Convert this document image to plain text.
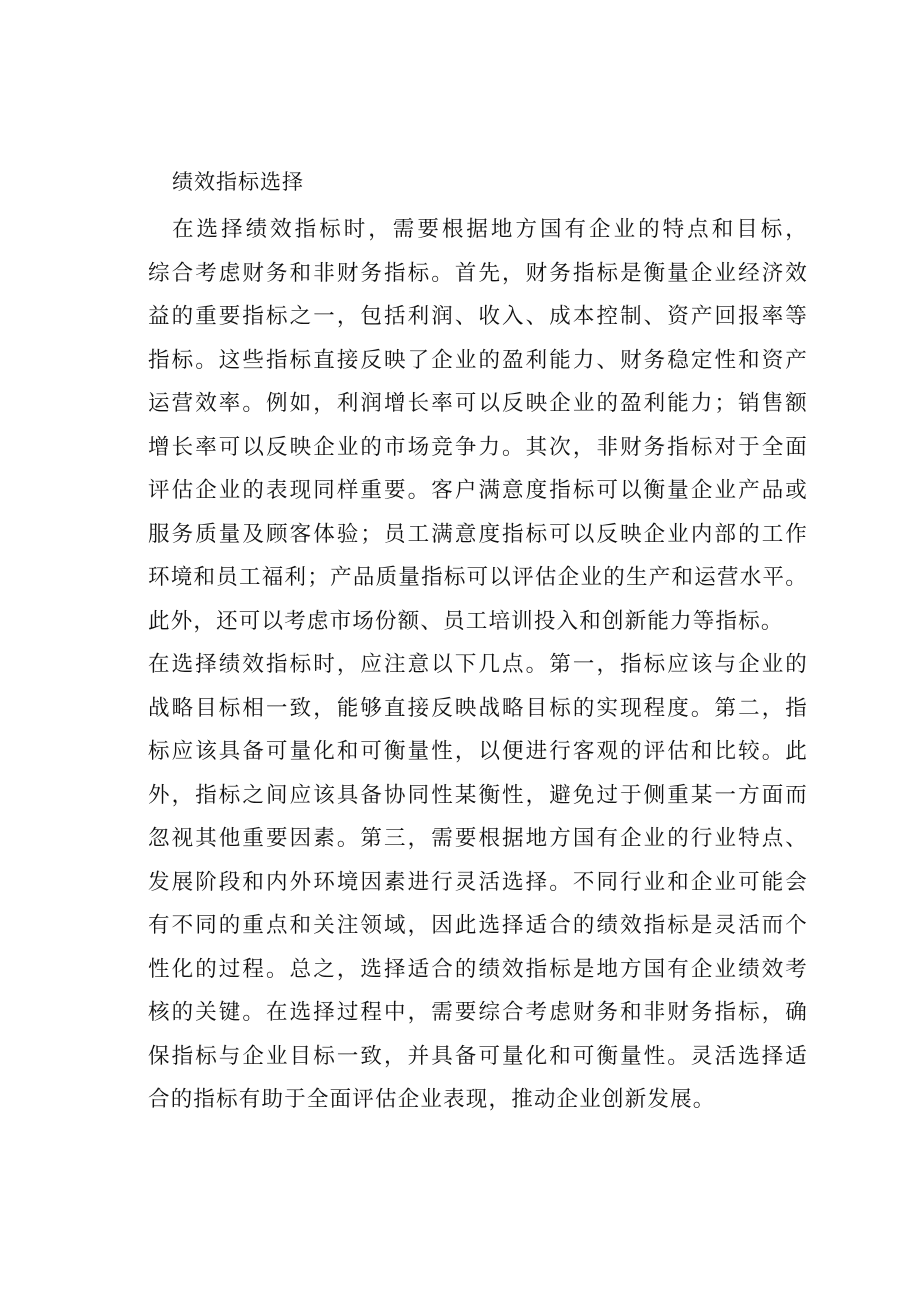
绩效指标选择
在选择绩效指标时，需要根据地方国有企业的特点和目标，
综合考虑财务和非财务指标。首先，财务指标是衡量企业经济效
益的重要指标之一，包括利润、收入、成本控制、资产回报率等
指标。这些指标直接反映了企业的盈利能力、财务稳定性和资产
运营效率。例如，利润增长率可以反映企业的盈利能力；销售额
增长率可以反映企业的市场竞争力。其次，非财务指标对于全面
评估企业的表现同样重要。客户满意度指标可以衡量企业产品或
服务质量及顾客体验；员工满意度指标可以反映企业内部的工作
环境和员工福利；产品质量指标可以评估企业的生产和运营水平。
此外，还可以考虑市场份额、员工培训投入和创新能力等指标。
在选择绩效指标时，应注意以下几点。第一，指标应该与企业的
战略目标相一致，能够直接反映战略目标的实现程度。第二，指
标应该具备可量化和可衡量性，以便进行客观的评估和比较。此
外，指标之间应该具备协同性某衡性，避免过于侧重某一方面而
忽视其他重要因素。第三，需要根据地方国有企业的行业特点、
发展阶段和内外环境因素进行灵活选择。不同行业和企业可能会
有不同的重点和关注领域，因此选择适合的绩效指标是灵活而个
性化的过程。总之，选择适合的绩效指标是地方国有企业绩效考
核的关键。在选择过程中，需要综合考虑财务和非财务指标，确
保指标与企业目标一致，并具备可量化和可衡量性。灵活选择适
合的指标有助于全面评估企业表现，推动企业创新发展。
